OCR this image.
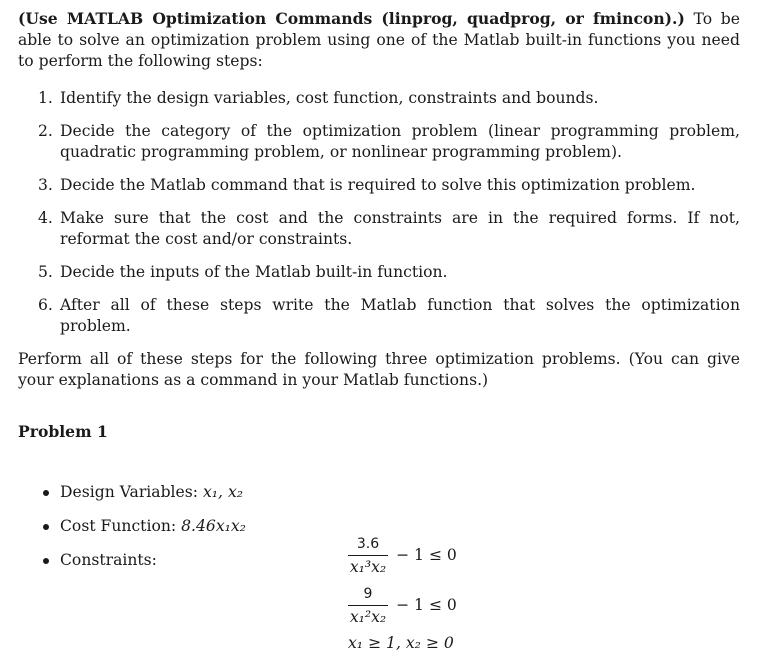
(Use MATLAB Optimization Commands (linprog, quadprog, or fmincon).) To be able to solve an optimization problem using one of the Matlab built-in functions you need to perform the following steps:

1. Identify the design variables, cost function, constraints and bounds.
2. Decide the category of the optimization problem (linear programming problem, quadratic programming problem, or nonlinear programming problem).
3. Decide the Matlab command that is required to solve this optimization problem.
4. Make sure that the cost and the constraints are in the required forms. If not, reformat the cost and/or constraints.
5. Decide the inputs of the Matlab built-in function.
6. After all of these steps write the Matlab function that solves the optimization problem.

Perform all of these steps for the following three optimization problems. (You can give your explanations as a command in your Matlab functions.)

Problem 1

Design Variables: x₁, x₂
Cost Function: 8.46x₁x₂
Constraints:	$\frac{3.6}{\text{x₁³x₂}} - 1 \le 0$
$\frac{9}{\text{x₁²x₂}} - 1 \le 0$
x₁ ≥ 1, x₂ ≥ 0
